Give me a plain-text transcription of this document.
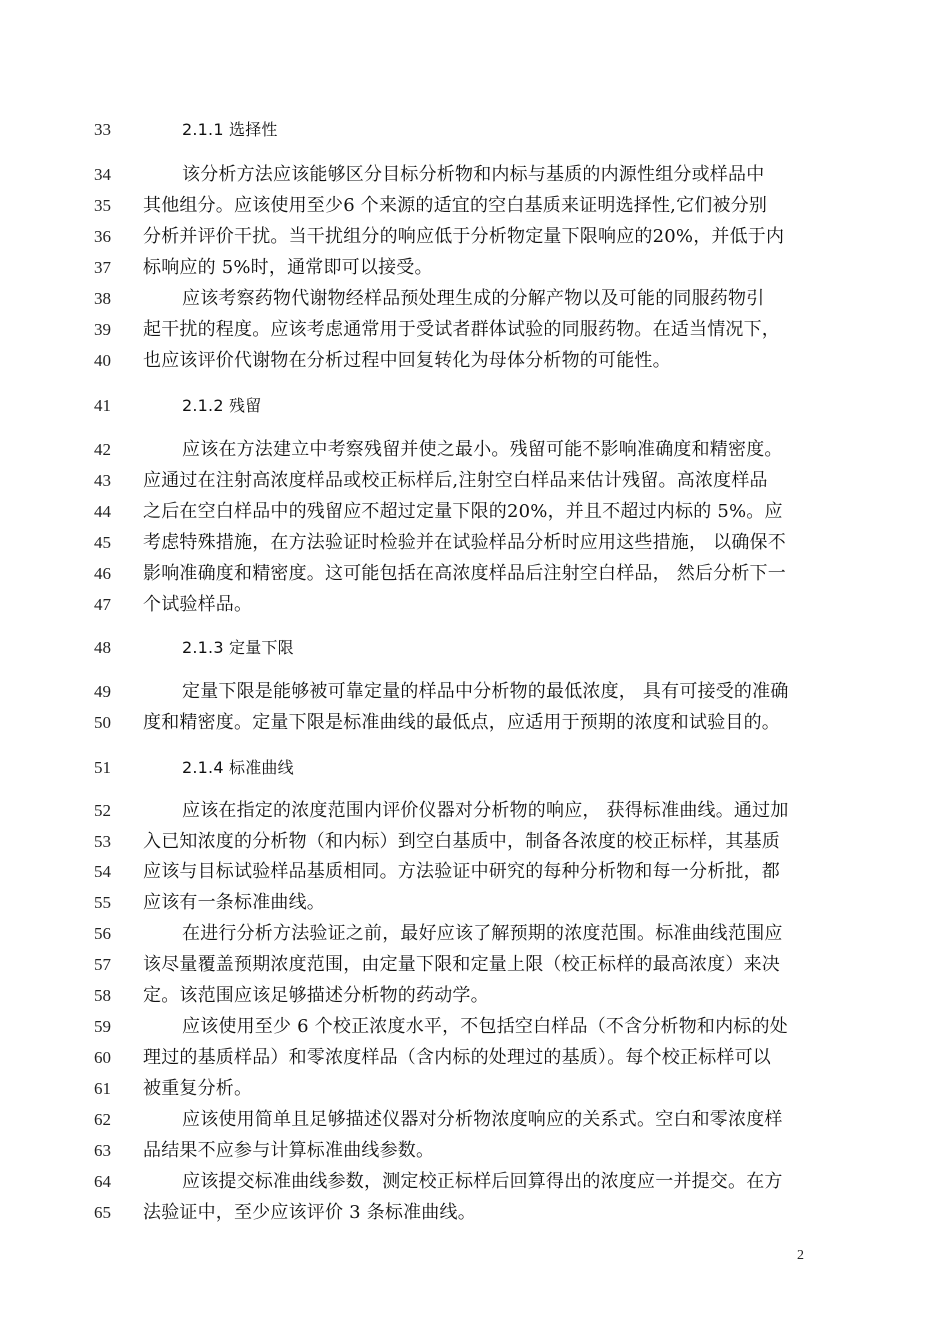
33	2.1.1 选择性
34	该分析方法应该能够区分目标分析物和内标与基质的内源性组分或样品中
35	其他组分。应该使用至少6 个来源的适宜的空白基质来证明选择性,它们被分别
36	分析并评价干扰。当干扰组分的响应低于分析物定量下限响应的20%，并低于内
37	标响应的 5%时，通常即可以接受。
38	应该考察药物代谢物经样品预处理生成的分解产物以及可能的同服药物引
39	起干扰的程度。应该考虑通常用于受试者群体试验的同服药物。在适当情况下，
40	也应该评价代谢物在分析过程中回复转化为母体分析物的可能性。
41	2.1.2 残留
42	应该在方法建立中考察残留并使之最小。残留可能不影响准确度和精密度。
43	应通过在注射高浓度样品或校正标样后,注射空白样品来估计残留。高浓度样品
44	之后在空白样品中的残留应不超过定量下限的20%，并且不超过内标的 5%。应
45	考虑特殊措施，在方法验证时检验并在试验样品分析时应用这些措施， 以确保不
46	影响准确度和精密度。这可能包括在高浓度样品后注射空白样品， 然后分析下一
47	个试验样品。
48	2.1.3 定量下限
49	定量下限是能够被可靠定量的样品中分析物的最低浓度， 具有可接受的准确
50	度和精密度。定量下限是标准曲线的最低点，应适用于预期的浓度和试验目的。
51	2.1.4 标准曲线
52	应该在指定的浓度范围内评价仪器对分析物的响应， 获得标准曲线。通过加
53	入已知浓度的分析物（和内标）到空白基质中，制备各浓度的校正标样，其基质
54	应该与目标试验样品基质相同。方法验证中研究的每种分析物和每一分析批，都
55	应该有一条标准曲线。
56	在进行分析方法验证之前，最好应该了解预期的浓度范围。标准曲线范围应
57	该尽量覆盖预期浓度范围，由定量下限和定量上限（校正标样的最高浓度）来决
58	定。该范围应该足够描述分析物的药动学。
59	应该使用至少 6 个校正浓度水平，不包括空白样品（不含分析物和内标的处
60	理过的基质样品）和零浓度样品（含内标的处理过的基质）。每个校正标样可以
61	被重复分析。
62	应该使用简单且足够描述仪器对分析物浓度响应的关系式。空白和零浓度样
63	品结果不应参与计算标准曲线参数。
64	应该提交标准曲线参数，测定校正标样后回算得出的浓度应一并提交。在方
65	法验证中，至少应该评价 3 条标准曲线。
2
